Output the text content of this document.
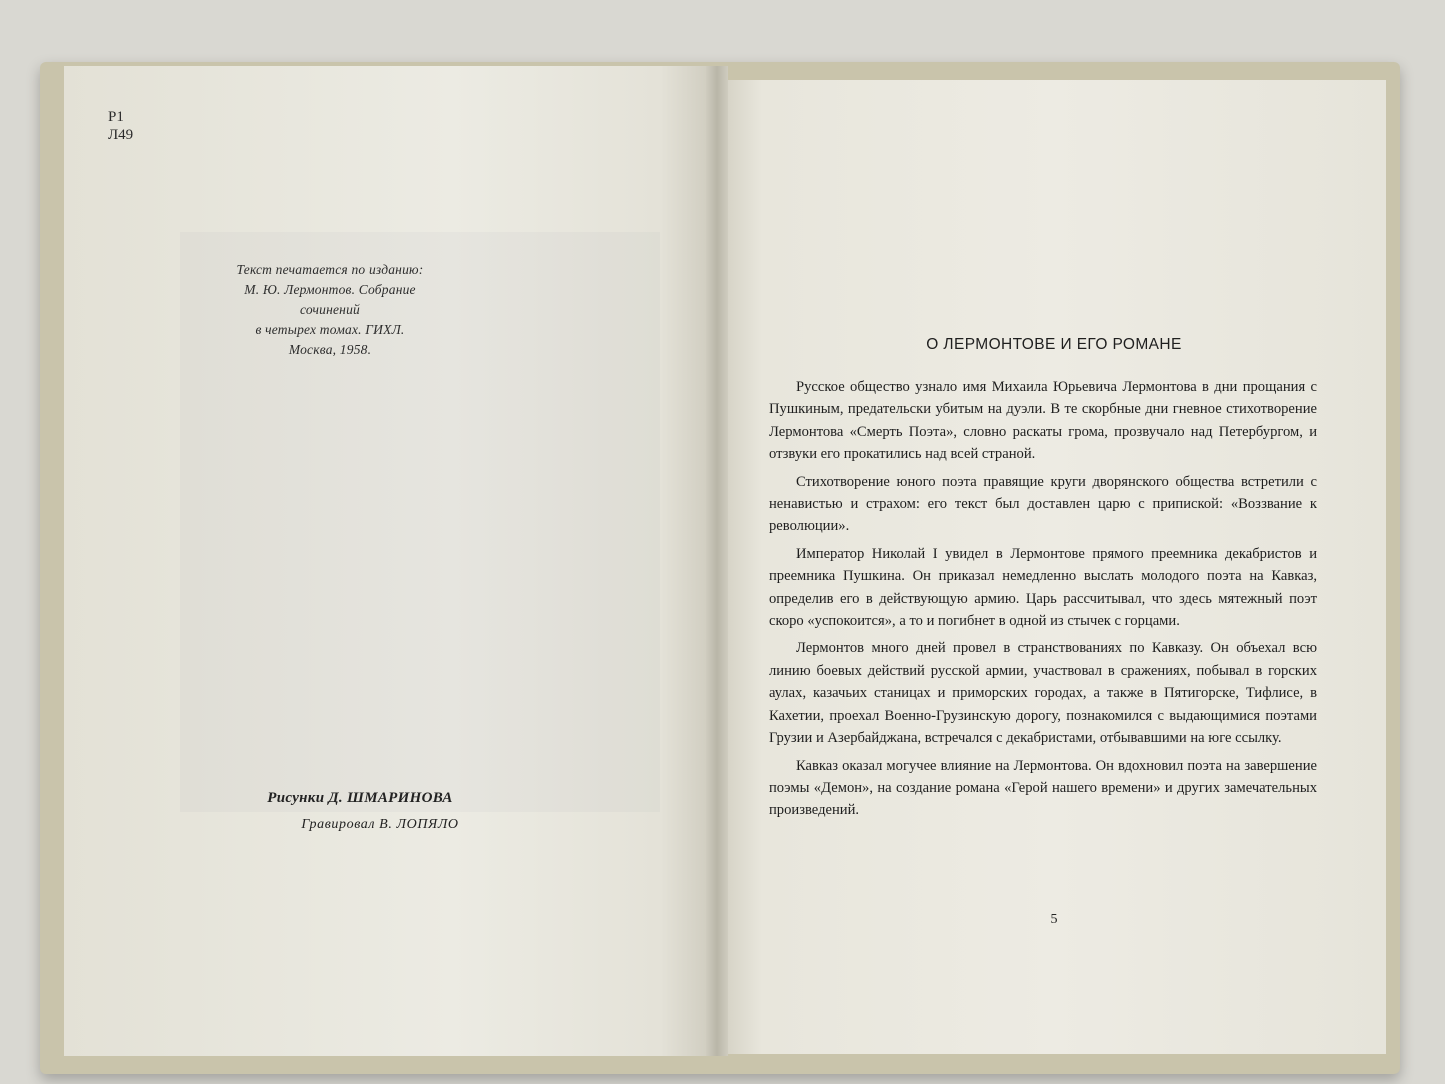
Р1
Л49
Текст печатается по изданию:
М. Ю. Лермонтов. Собрание сочинений
в четырех томах. ГИХЛ. Москва, 1958.
Рисунки Д. ШМАРИНОВА
Гравировал В. ЛОПЯЛО
О ЛЕРМОНТОВЕ И ЕГО РОМАНЕ

Русское общество узнало имя Михаила Юрьевича Лермонтова в дни прощания с Пушкиным, предательски убитым на дуэли. В те скорбные дни гневное стихотворение Лермонтова «Смерть Поэта», словно раскаты грома, прозвучало над Петербургом, и отзвуки его прокатились над всей страной.

Стихотворение юного поэта правящие круги дворянского общества встретили с ненавистью и страхом: его текст был доставлен царю с припиской: «Воззвание к революции».

Император Николай I увидел в Лермонтове прямого преемника декабристов и преемника Пушкина. Он приказал немедленно выслать молодого поэта на Кавказ, определив его в действующую армию. Царь рассчитывал, что здесь мятежный поэт скоро «успокоится», а то и погибнет в одной из стычек с горцами.

Лермонтов много дней провел в странствованиях по Кавказу. Он объехал всю линию боевых действий русской армии, участвовал в сражениях, побывал в горских аулах, казачьих станицах и приморских городах, а также в Пятигорске, Тифлисе, в Кахетии, проехал Военно-Грузинскую дорогу, познакомился с выдающимися поэтами Грузии и Азербайджана, встречался с декабристами, отбывавшими на юге ссылку.

Кавказ оказал могучее влияние на Лермонтова. Он вдохновил поэта на завершение поэмы «Демон», на создание романа «Герой нашего времени» и других замечательных произведений.

5
